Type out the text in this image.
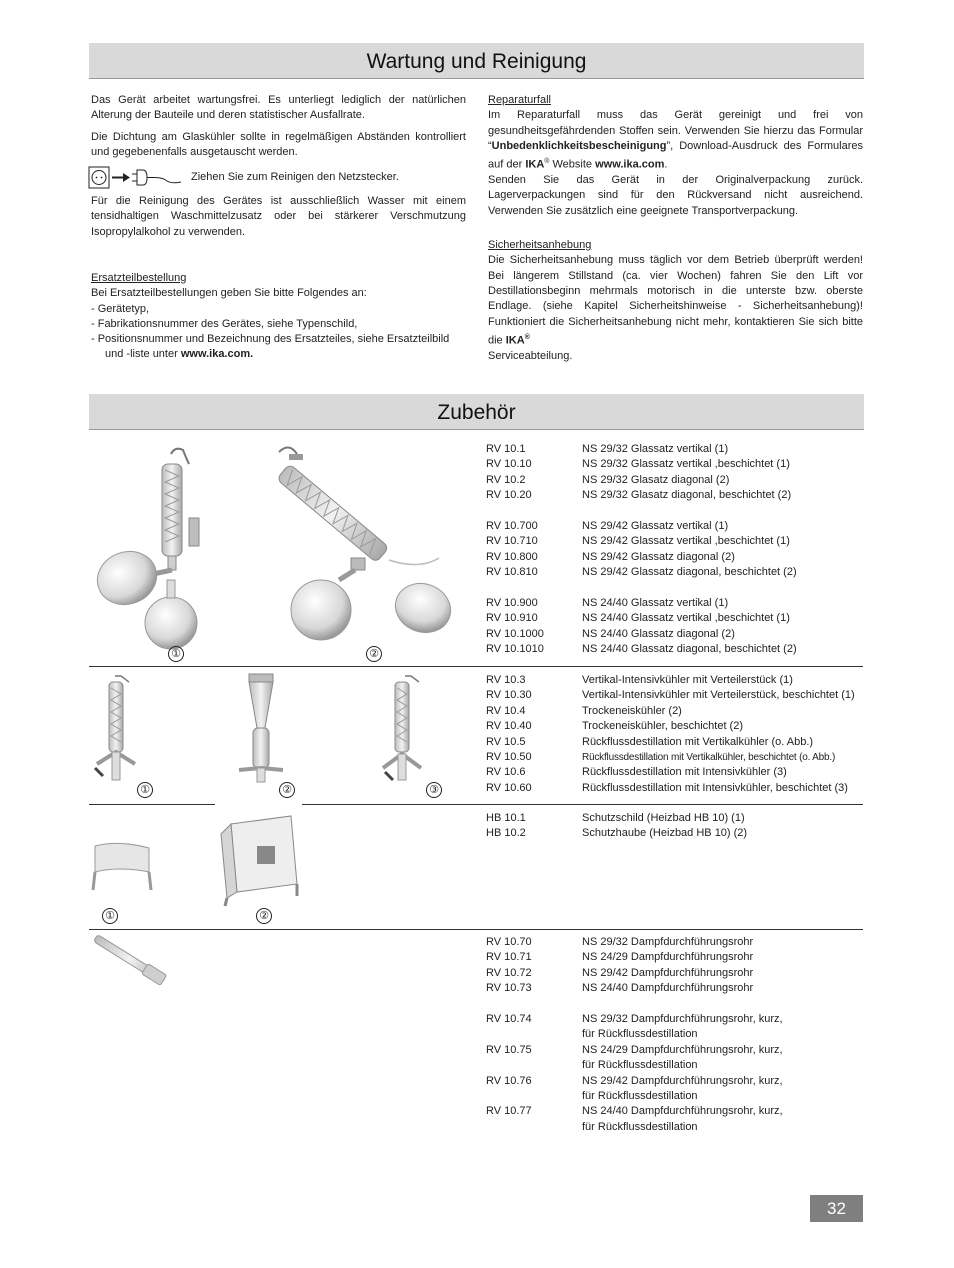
Wartung und Reinigung

Das Gerät arbeitet wartungsfrei. Es unterliegt lediglich der natürlichen Alterung der Bauteile und deren statistischer Ausfallrate.

Die Dichtung am Glaskühler sollte in regelmäßigen Abständen kontrolliert und gegebenenfalls ausgetauscht werden.

Ziehen Sie zum Reinigen den Netzstecker.

Für die Reinigung des Gerätes ist ausschließlich Wasser mit einem tensidhaltigen Waschmittelzusatz oder bei stärkerer Verschmutzung Isopropylalkohol zu verwenden.

Ersatzteilbestellung
Bei Ersatzteilbestellungen geben Sie bitte Folgendes an:
- Gerätetyp,
- Fabrikationsnummer des Gerätes, siehe Typenschild,
- Positionsnummer und Bezeichnung des Ersatzteiles, siehe Ersatzteilbild und -liste unter www.ika.com.
Reparaturfall

Im Reparaturfall muss das Gerät gereinigt und frei von gesundheitsgefährdenden Stoffen sein. Verwenden Sie hierzu das Formular “Unbedenklichkeitsbescheinigung”, Download-Ausdruck des Formulares auf der IKA® Website www.ika.com.

Senden Sie das Gerät in der Originalverpackung zurück. Lagerverpackungen sind für den Rückversand nicht ausreichend. Verwenden Sie zusätzlich eine geeignete Transportverpackung.

Sicherheitsanhebung

Die Sicherheitsanhebung muss täglich vor dem Betrieb überprüft werden! Bei längerem Stillstand (ca. vier Wochen) fahren Sie den Lift vor Destillationsbeginn mehrmals motorisch in die unterste bzw. oberste Endlage. (siehe Kapitel Sicherheitshinweise - Sicherheitsanhebung)! Funktioniert die Sicherheitsanhebung nicht mehr, kontaktieren Sie sich bitte die IKA®

Serviceabteilung.
Zubehör
①	②
RV 10.1	NS 29/32 Glassatz vertikal (1)
RV 10.10	NS 29/32 Glassatz vertikal ,beschichtet (1)
RV 10.2	NS 29/32 Glasatz diagonal (2)
RV 10.20	NS 29/32 Glasatz diagonal, beschichtet (2)
RV 10.700	NS 29/42 Glassatz vertikal (1)
RV 10.710	NS 29/42 Glassatz vertikal ,beschichtet (1)
RV 10.800	NS 29/42 Glassatz diagonal (2)
RV 10.810	NS 29/42 Glassatz diagonal, beschichtet (2)
RV 10.900	NS 24/40 Glassatz vertikal (1)
RV 10.910	NS 24/40 Glassatz vertikal ,beschichtet (1)
RV 10.1000	NS 24/40 Glassatz diagonal (2)
RV 10.1010	NS 24/40 Glassatz diagonal, beschichtet (2)
①	②	③
RV 10.3	Vertikal-Intensivkühler mit Verteilerstück (1)
RV 10.30	Vertikal-Intensivkühler mit Verteilerstück, beschichtet (1)
RV 10.4	Trockeneiskühler (2)
RV 10.40	Trockeneiskühler, beschichtet (2)
RV 10.5	Rückflussdestillation mit Vertikalkühler (o. Abb.)
RV 10.50	Rückflussdestillation mit Vertikalkühler, beschichtet (o. Abb.)
RV 10.6	Rückflussdestillation mit Intensivkühler (3)
RV 10.60	Rückflussdestillation mit Intensivkühler, beschichtet (3)
①	②
HB 10.1	Schutzschild (Heizbad HB 10) (1)
HB 10.2	Schutzhaube (Heizbad HB 10) (2)
RV 10.70	NS 29/32 Dampfdurchführungsrohr
RV 10.71	NS 24/29 Dampfdurchführungsrohr
RV 10.72	NS 29/42 Dampfdurchführungsrohr
RV 10.73	NS 24/40 Dampfdurchführungsrohr
RV 10.74	NS 29/32 Dampfdurchführungsrohr, kurz,
für Rückflussdestillation
RV 10.75	NS 24/29 Dampfdurchführungsrohr, kurz,
für Rückflussdestillation
RV 10.76	NS 29/42 Dampfdurchführungsrohr, kurz,
für Rückflussdestillation
RV 10.77	NS 24/40 Dampfdurchführungsrohr, kurz,
für Rückflussdestillation
32
